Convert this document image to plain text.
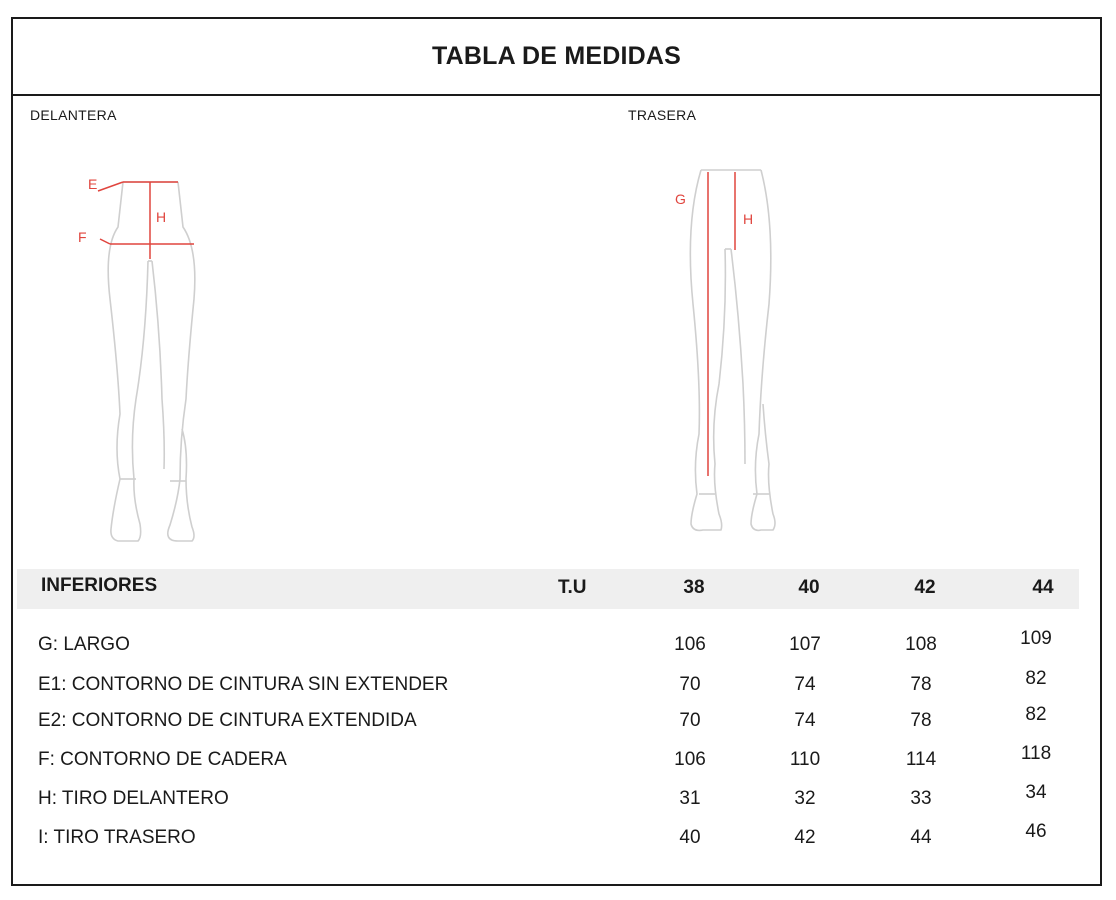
TABLA DE MEDIDAS
DELANTERA	TRASERA
E
H
F
G
H
INFERIORES	T.U	38	40	42	44
G: LARGO	106	107	108	109
E1: CONTORNO DE CINTURA SIN EXTENDER	70	74	78	82
E2: CONTORNO DE CINTURA EXTENDIDA	70	74	78	82
F: CONTORNO DE CADERA	106	110	114	118
H: TIRO DELANTERO	31	32	33	34
I: TIRO TRASERO	40	42	44	46
